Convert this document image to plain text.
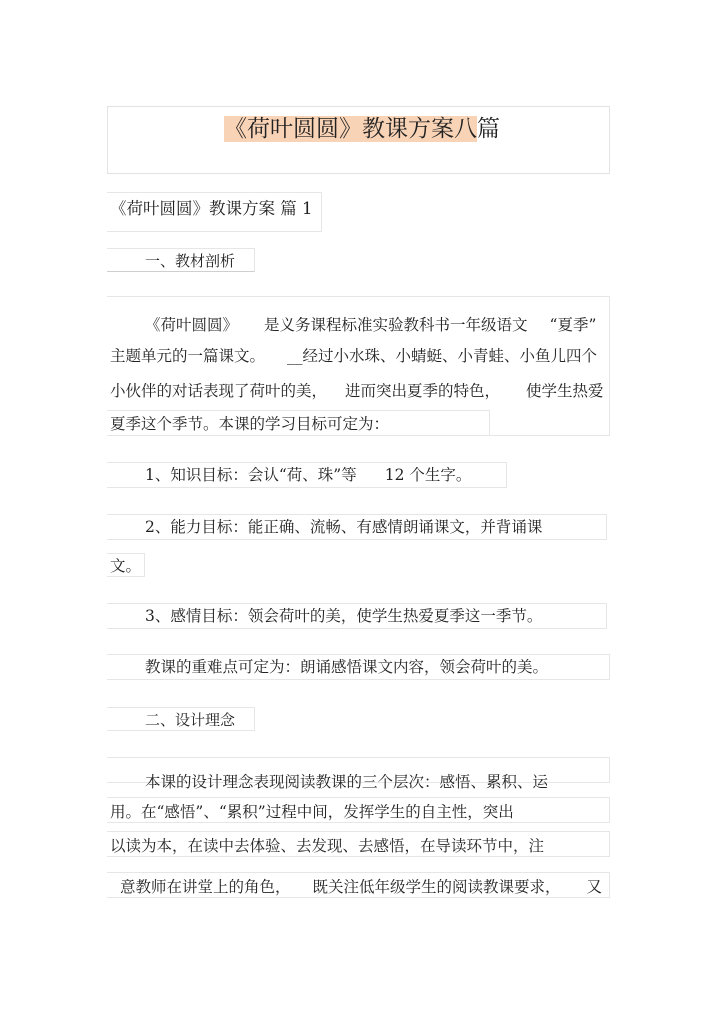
《荷叶圆圆》教课方案八篇
《荷叶圆圆》教课方案 篇 1
一、教材剖析
《荷叶圆圆》 是义务课程标准实验教科书一年级语文 “夏季”
主题单元的一篇课文。 __经过小水珠、小蜻蜓、小青蛙、小鱼儿四个
小伙伴的对话表现了荷叶的美， 进而突出夏季的特色， 使学生热爱
夏季这个季节。本课的学习目标可定为：
1、知识目标：会认“荷、珠”等 12 个生字。
2、能力目标：能正确、流畅、有感情朗诵课文，并背诵课
文。
3、感情目标：领会荷叶的美，使学生热爱夏季这一季节。
教课的重难点可定为：朗诵感悟课文内容，领会荷叶的美。
二、设计理念
本课的设计理念表现阅读教课的三个层次：感悟、累积、运
用。在“感悟”、“累积”过程中间，发挥学生的自主性，突出
以读为本，在读中去体验、去发现、去感悟，在导读环节中，注
意教师在讲堂上的角色， 既关注低年级学生的阅读教课要求， 又
